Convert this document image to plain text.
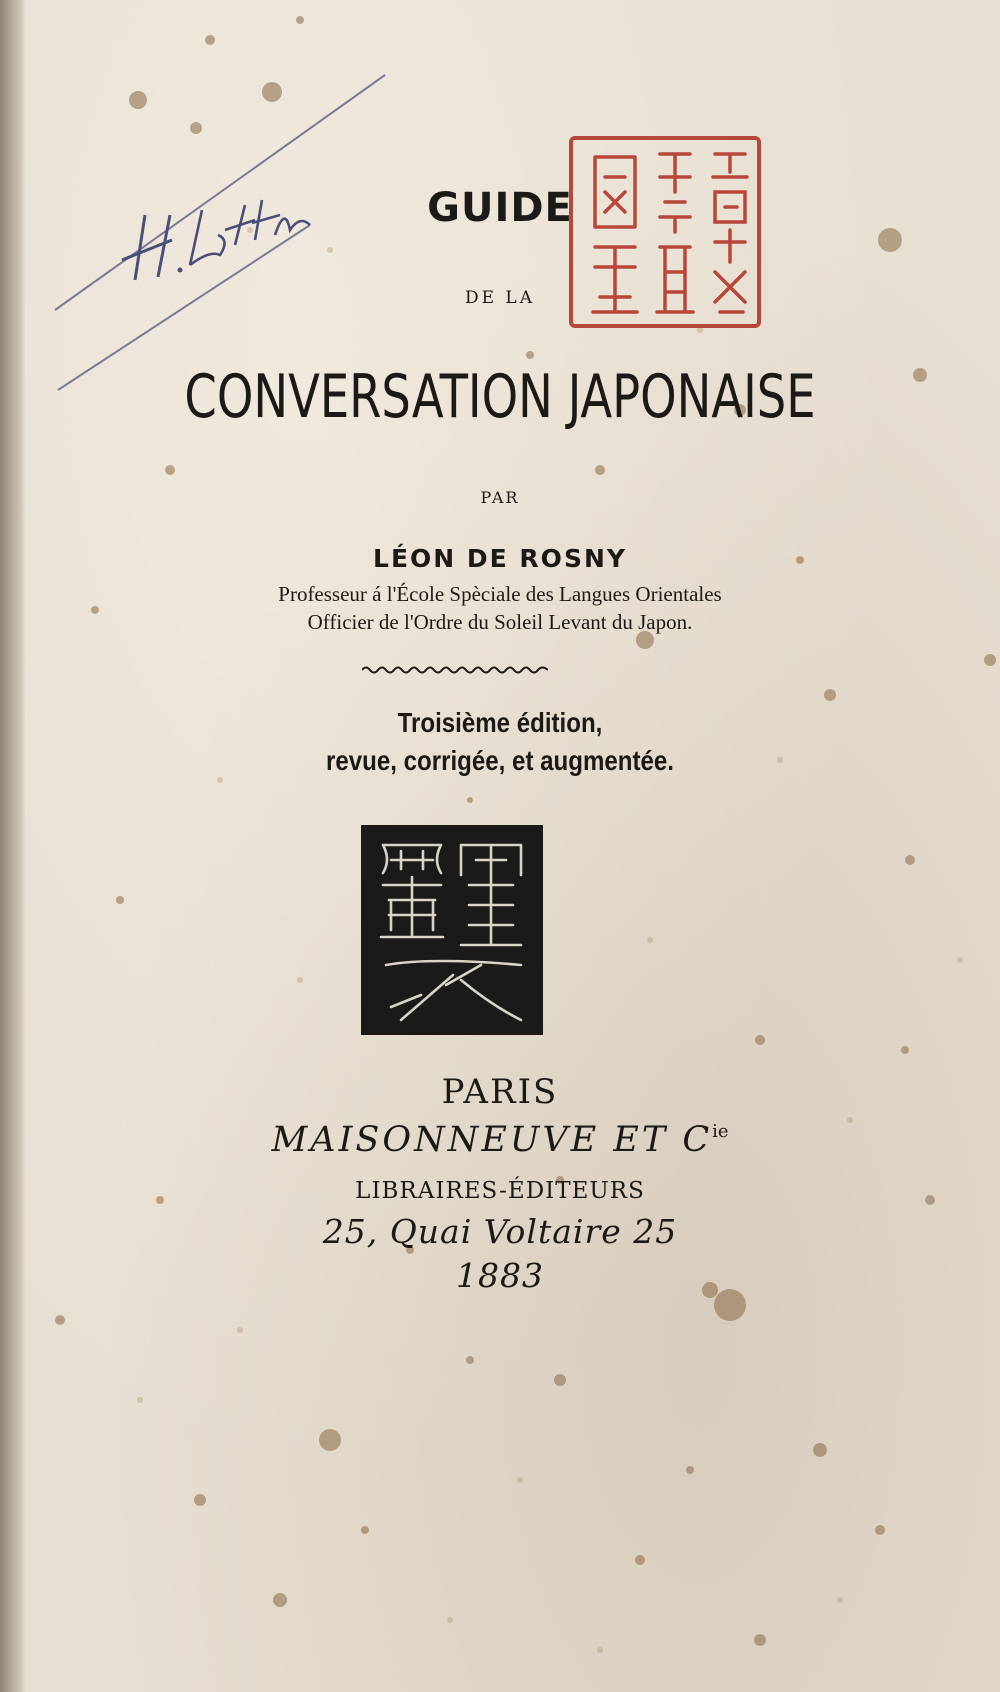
GUIDE

DE LA

CONVERSATION JAPONAISE

PAR

LÉON DE ROSNY

Professeur á l'École Spèciale des Langues Orientales

Officier de l'Ordre du Soleil Levant du Japon.

Troisième édition,

revue, corrigée, et augmentée.

PARIS

MAISONNEUVE ET $C^{ie}$

LIBRAIRES-ÉDITEURS

25, Quai Voltaire 25

1883
